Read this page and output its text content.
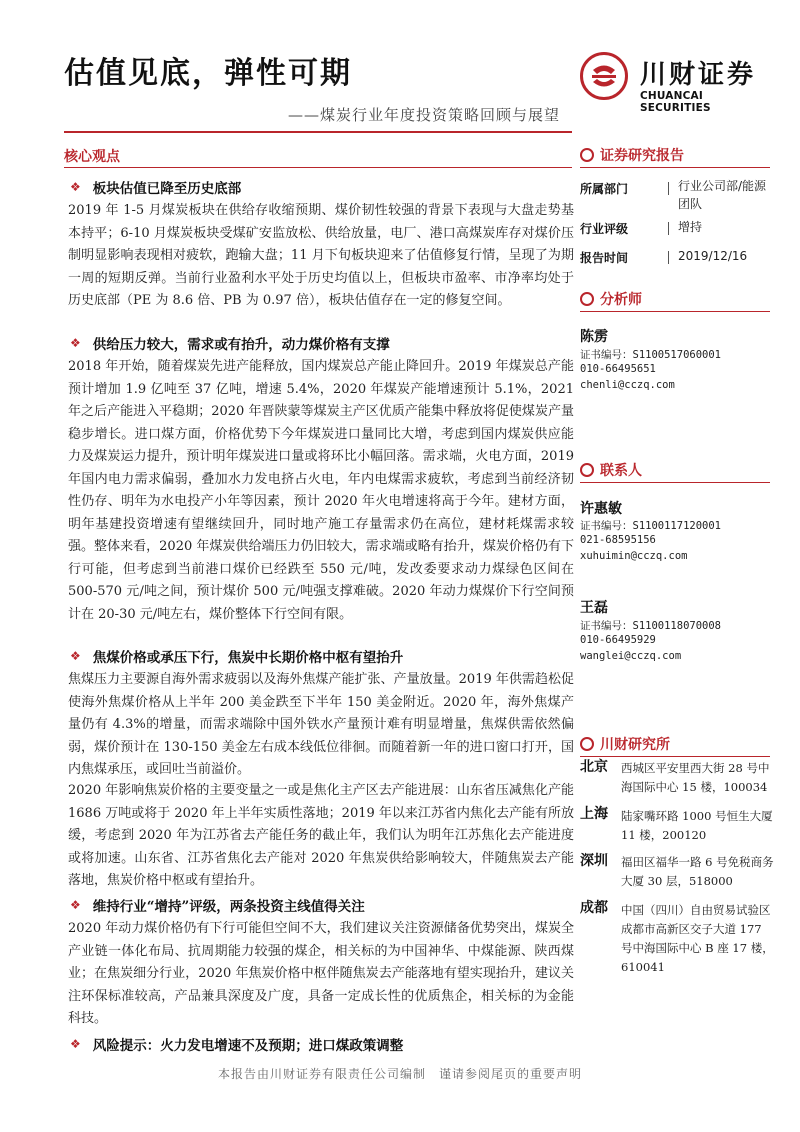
估值见底，弹性可期
——煤炭行业年度投资策略回顾与展望
川财证券
CHUANCAI SECURITIES
核心观点
❖ 板块估值已降至历史底部
2019 年 1-5 月煤炭板块在供给存收缩预期、煤价韧性较强的背景下表现与大盘走势基本持平；6-10 月煤炭板块受煤矿安监放松、供给放量，电厂、港口高煤炭库存对煤价压制明显影响表现相对疲软，跑输大盘；11 月下旬板块迎来了估值修复行情，呈现了为期一周的短期反弹。当前行业盈利水平处于历史均值以上，但板块市盈率、市净率均处于历史底部（PE 为 8.6 倍、PB 为 0.97 倍），板块估值存在一定的修复空间。
❖ 供给压力较大，需求或有抬升，动力煤价格有支撑
2018 年开始，随着煤炭先进产能释放，国内煤炭总产能止降回升。2019 年煤炭总产能预计增加 1.9 亿吨至 37 亿吨，增速 5.4%，2020 年煤炭产能增速预计 5.1%，2021 年之后产能进入平稳期；2020 年晋陕蒙等煤炭主产区优质产能集中释放将促使煤炭产量稳步增长。进口煤方面，价格优势下今年煤炭进口量同比大增，考虑到国内煤炭供应能力及煤炭运力提升，预计明年煤炭进口量或将环比小幅回落。需求端，火电方面，2019 年国内电力需求偏弱，叠加水力发电挤占火电，年内电煤需求疲软，考虑到当前经济韧性仍存、明年为水电投产小年等因素，预计 2020 年火电增速将高于今年。建材方面，明年基建投资增速有望继续回升，同时地产施工存量需求仍在高位，建材耗煤需求较强。整体来看，2020 年煤炭供给端压力仍旧较大，需求端或略有抬升，煤炭价格仍有下行可能，但考虑到当前港口煤价已经跌至 550 元/吨，发改委要求动力煤绿色区间在 500-570 元/吨之间，预计煤价 500 元/吨强支撑难破。2020 年动力煤煤价下行空间预计在 20-30 元/吨左右，煤价整体下行空间有限。
❖ 焦煤价格或承压下行，焦炭中长期价格中枢有望抬升
焦煤压力主要源自海外需求疲弱以及海外焦煤产能扩张、产量放量。2019 年供需趋松促使海外焦煤价格从上半年 200 美金跌至下半年 150 美金附近。2020 年，海外焦煤产量仍有 4.3%的增量，而需求端除中国外铁水产量预计难有明显增量，焦煤供需依然偏弱，煤价预计在 130-150 美金左右成本线低位徘徊。而随着新一年的进口窗口打开，国内焦煤承压，或回吐当前溢价。
2020 年影响焦炭价格的主要变量之一或是焦化主产区去产能进展：山东省压减焦化产能 1686 万吨或将于 2020 年上半年实质性落地；2019 年以来江苏省内焦化去产能有所放缓，考虑到 2020 年为江苏省去产能任务的截止年，我们认为明年江苏焦化去产能进度或将加速。山东省、江苏省焦化去产能对 2020 年焦炭供给影响较大，伴随焦炭去产能落地，焦炭价格中枢或有望抬升。
❖ 维持行业“增持”评级，两条投资主线值得关注
2020 年动力煤价格仍有下行可能但空间不大，我们建议关注资源储备优势突出，煤炭全产业链一体化布局、抗周期能力较强的煤企，相关标的为中国神华、中煤能源、陕西煤业；在焦炭细分行业，2020 年焦炭价格中枢伴随焦炭去产能落地有望实现抬升，建议关注环保标准较高，产品兼具深度及广度，具备一定成长性的优质焦企，相关标的为金能科技。
❖ 风险提示：火力发电增速不及预期；进口煤政策调整
证券研究报告
所属部门	行业公司部/能源团队
行业评级	增持
报告时间	2019/12/16
分析师
陈雳
证书编号：S1100517060001
010-66495651
chenli@cczq.com
联系人
许惠敏
证书编号：S1100117120001
021-68595156
xuhuimin@cczq.com
王磊
证书编号：S1100118070008
010-66495929
wanglei@cczq.com
川财研究所
北京 西城区平安里西大街 28 号中海国际中心 15 楼，100034
上海 陆家嘴环路 1000 号恒生大厦 11 楼，200120
深圳 福田区福华一路 6 号免税商务大厦 30 层，518000
成都 中国（四川）自由贸易试验区成都市高新区交子大道 177 号中海国际中心 B 座 17 楼，610041
本报告由川财证券有限责任公司编制　谨请参阅尾页的重要声明
